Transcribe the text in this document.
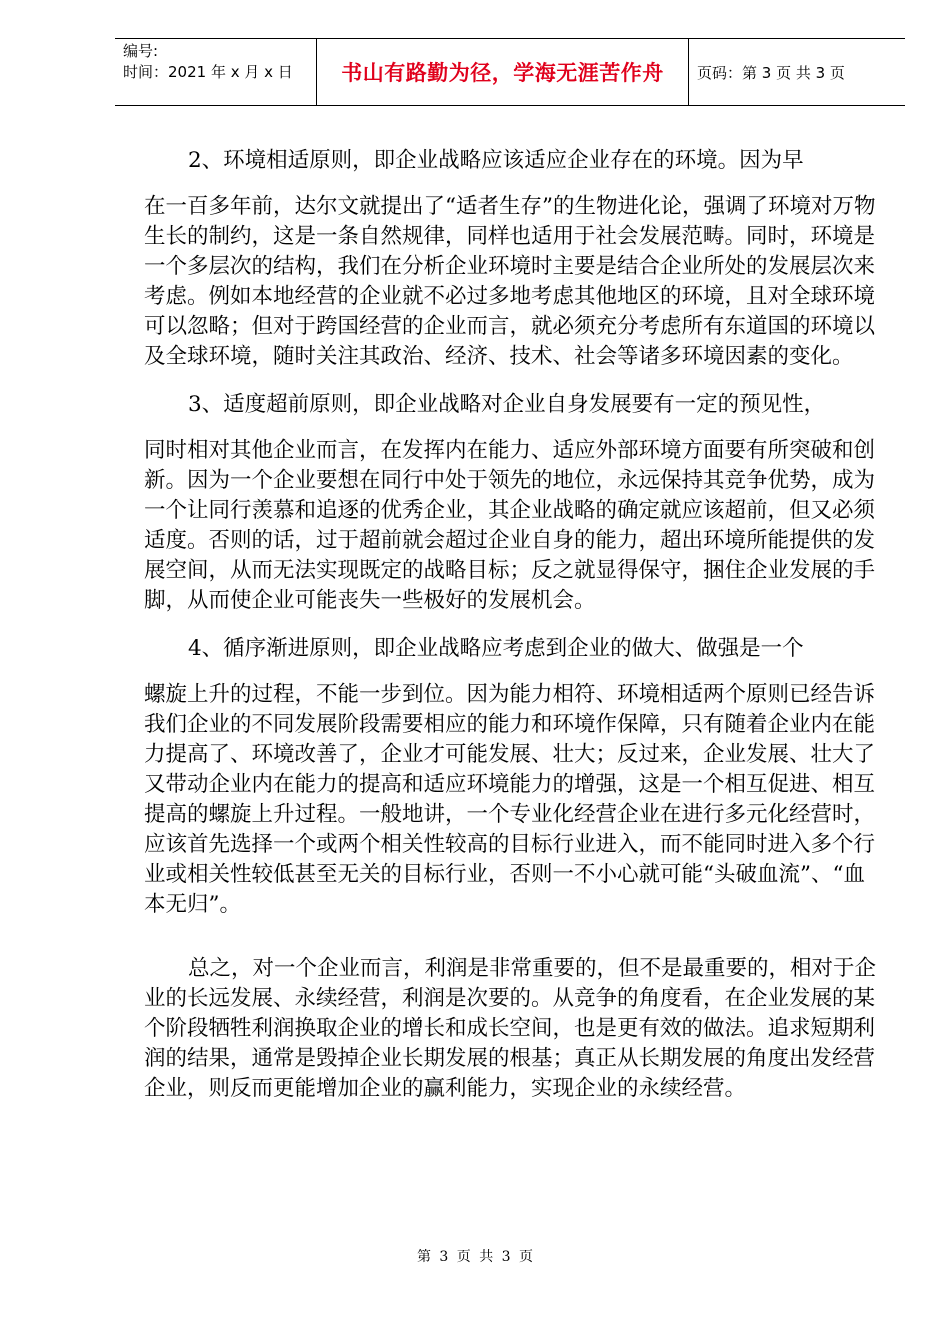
编号:
时间：2021 年 x 月 x 日	书山有路勤为径，学海无涯苦作舟 页码：第 3 页 共 3 页

2、环境相适原则，即企业战略应该适应企业存在的环境。因为早
在一百多年前，达尔文就提出了“适者生存”的生物进化论，强调了环境对万物生长的制约，这是一条自然规律，同样也适用于社会发展范畴。同时，环境是一个多层次的结构，我们在分析企业环境时主要是结合企业所处的发展层次来考虑。例如本地经营的企业就不必过多地考虑其他地区的环境，且对全球环境可以忽略；但对于跨国经营的企业而言，就必须充分考虑所有东道国的环境以及全球环境，随时关注其政治、经济、技术、社会等诸多环境因素的变化。

3、适度超前原则，即企业战略对企业自身发展要有一定的预见性，
同时相对其他企业而言，在发挥内在能力、适应外部环境方面要有所突破和创新。因为一个企业要想在同行中处于领先的地位，永远保持其竞争优势，成为一个让同行羡慕和追逐的优秀企业，其企业战略的确定就应该超前，但又必须适度。否则的话，过于超前就会超过企业自身的能力，超出环境所能提供的发展空间，从而无法实现既定的战略目标；反之就显得保守，捆住企业发展的手脚，从而使企业可能丧失一些极好的发展机会。

4、循序渐进原则，即企业战略应考虑到企业的做大、做强是一个
螺旋上升的过程，不能一步到位。因为能力相符、环境相适两个原则已经告诉我们企业的不同发展阶段需要相应的能力和环境作保障，只有随着企业内在能力提高了、环境改善了，企业才可能发展、壮大；反过来，企业发展、壮大了又带动企业内在能力的提高和适应环境能力的增强，这是一个相互促进、相互提高的螺旋上升过程。一般地讲，一个专业化经营企业在进行多元化经营时，应该首先选择一个或两个相关性较高的目标行业进入，而不能同时进入多个行业或相关性较低甚至无关的目标行业，否则一不小心就可能“头破血流”、“血本无归”。

总之，对一个企业而言，利润是非常重要的，但不是最重要的，相对于企业的长远发展、永续经营，利润是次要的。从竞争的角度看，在企业发展的某个阶段牺牲利润换取企业的增长和成长空间，也是更有效的做法。追求短期利润的结果，通常是毁掉企业长期发展的根基；真正从长期发展的角度出发经营企业，则反而更能增加企业的赢利能力，实现企业的永续经营。

第 3 页 共 3 页
